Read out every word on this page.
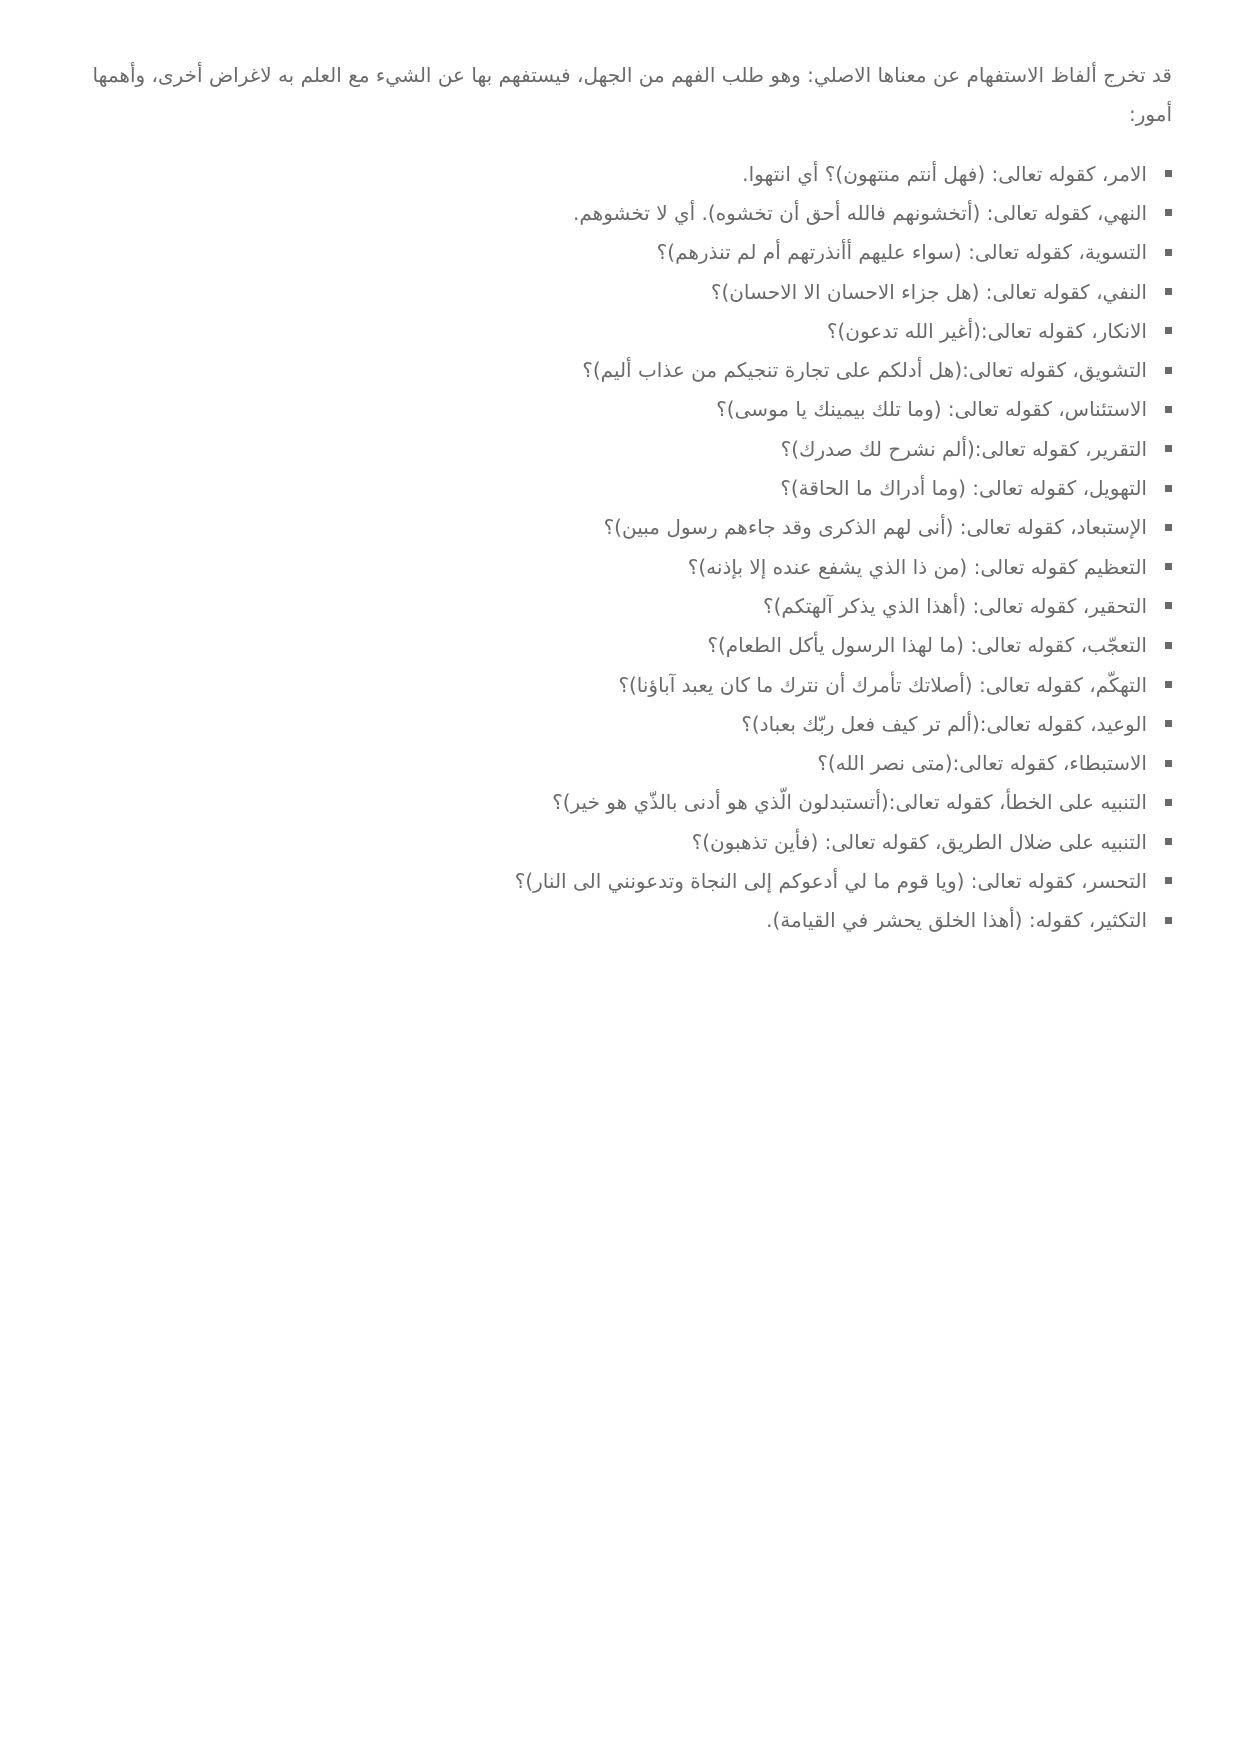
قد تخرج ألفاظ الاستفهام عن معناها الاصلي: وهو طلب الفهم من الجهل، فيستفهم بها عن الشيء مع العلم به لاغراض أخرى، وأهمها أمور:

الامر، كقوله تعالى: (فهل أنتم منتهون)؟ أي انتهوا.
النهي، كقوله تعالى: (أتخشونهم فالله أحق أن تخشوه). أي لا تخشوهم.
التسوية، كقوله تعالى: (سواء عليهم أأنذرتهم أم لم تنذرهم)؟
النفي، كقوله تعالى: (هل جزاء الاحسان الا الاحسان)؟
الانكار، كقوله تعالى:(أغير الله تدعون)؟
التشويق، كقوله تعالى:(هل أدلكم على تجارة تنجيكم من عذاب أليم)؟
الاستئناس، كقوله تعالى: (وما تلك بيمينك يا موسى)؟
التقرير، كقوله تعالى:(ألم نشرح لك صدرك)؟
التهويل، كقوله تعالى: (وما أدراك ما الحاقة)؟
الإستبعاد، كقوله تعالى: (أنى لهم الذكرى وقد جاءهم رسول مبين)؟
التعظيم كقوله تعالى: (من ذا الذي يشفع عنده إلا بإذنه)؟
التحقير، كقوله تعالى: (أهذا الذي يذكر آلهتكم)؟
التعجّب، كقوله تعالى: (ما لهذا الرسول يأكل الطعام)؟
التهكّم، كقوله تعالى: (أصلاتك تأمرك أن نترك ما كان يعبد آباؤنا)؟
الوعيد، كقوله تعالى:(ألم تر كيف فعل ربّك بعباد)؟
الاستبطاء، كقوله تعالى:(متى نصر الله)؟
التنبيه على الخطأ، كقوله تعالى:(أتستبدلون الّذي هو أدنى بالذّي هو خير)؟
التنبيه على ضلال الطريق، كقوله تعالى: (فأين تذهبون)؟
التحسر، كقوله تعالى: (ويا قوم ما لي أدعوكم إلى النجاة وتدعونني الى النار)؟
التكثير، كقوله: (أهذا الخلق يحشر في القيامة).
